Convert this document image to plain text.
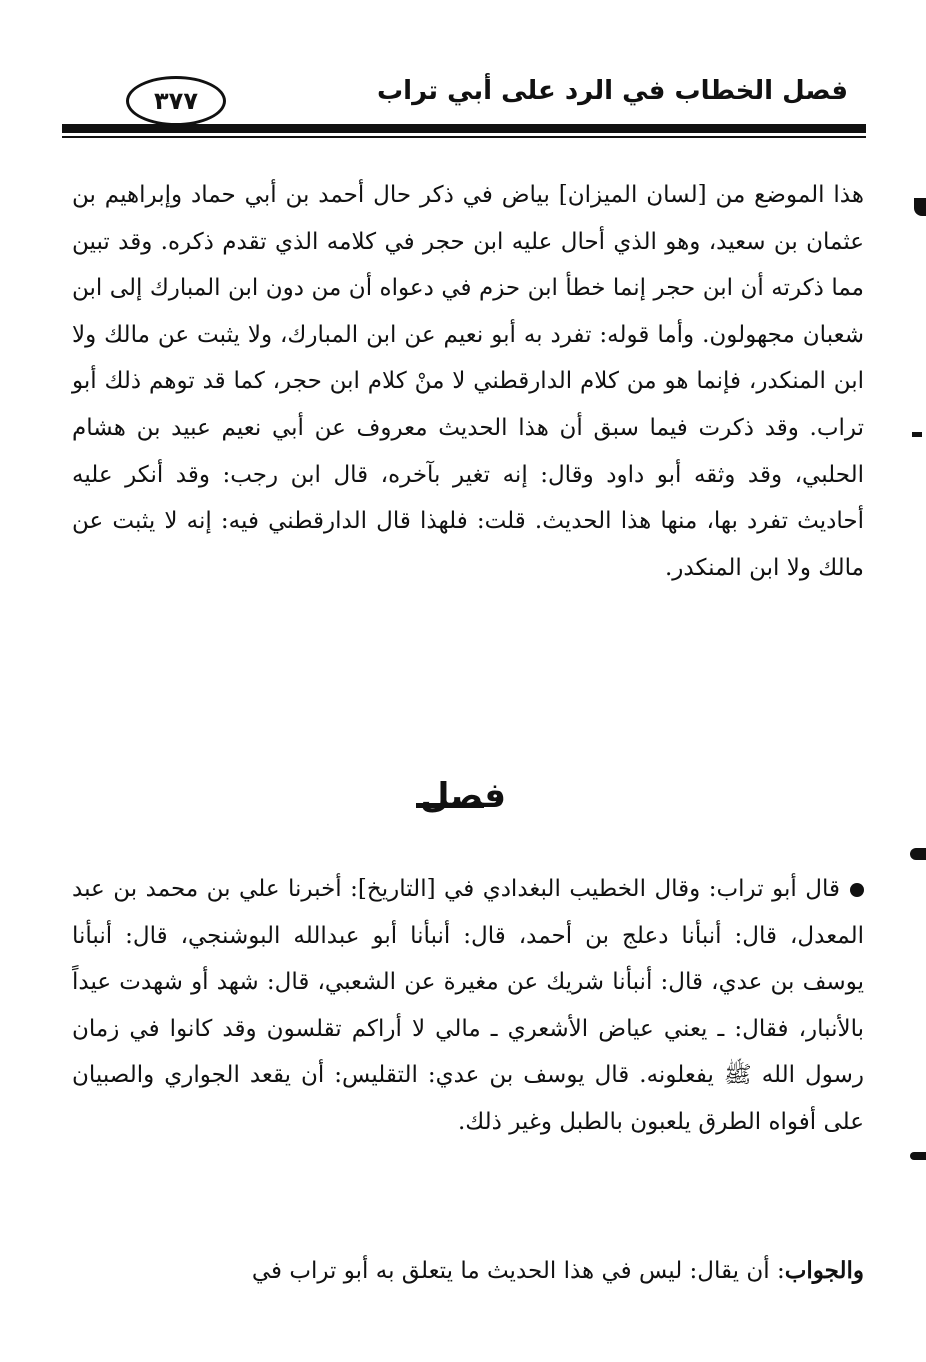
فصل الخطاب في الرد على أبي تراب
٣٧٧
هذا الموضع من [لسان الميزان] بياض في ذكر حال أحمد بن أبي حماد وإبراهيم بن عثمان بن سعيد، وهو الذي أحال عليه ابن حجر في كلامه الذي تقدم ذكره. وقد تبين مما ذكرته أن ابن حجر إنما خطأ ابن حزم في دعواه أن من دون ابن المبارك إلى ابن شعبان مجهولون. وأما قوله: تفرد به أبو نعيم عن ابن المبارك، ولا يثبت عن مالك ولا ابن المنكدر، فإنما هو من كلام الدارقطني لا منْ كلام ابن حجر، كما قد توهم ذلك أبو تراب. وقد ذكرت فيما سبق أن هذا الحديث معروف عن أبي نعيم عبيد بن هشام الحلبي، وقد وثقه أبو داود وقال: إنه تغير بآخره، قال ابن رجب: وقد أنكر عليه أحاديث تفرد بها، منها هذا الحديث. قلت: فلهذا قال الدارقطني فيه: إنه لا يثبت عن مالك ولا ابن المنكدر.
فصل
قال أبو تراب: وقال الخطيب البغدادي في [التاريخ]: أخبرنا علي بن محمد بن عبد المعدل، قال: أنبأنا دعلج بن أحمد، قال: أنبأنا أبو عبدالله البوشنجي، قال: أنبأنا يوسف بن عدي، قال: أنبأنا شريك عن مغيرة عن الشعبي، قال: شهد أو شهدت عيداً بالأنبار، فقال: ـ يعني عياض الأشعري ـ مالي لا أراكم تقلسون وقد كانوا في زمان رسول الله ﷺ يفعلونه. قال يوسف بن عدي: التقليس: أن يقعد الجواري والصبيان على أفواه الطرق يلعبون بالطبل وغير ذلك.
والجواب: أن يقال: ليس في هذا الحديث ما يتعلق به أبو تراب في
